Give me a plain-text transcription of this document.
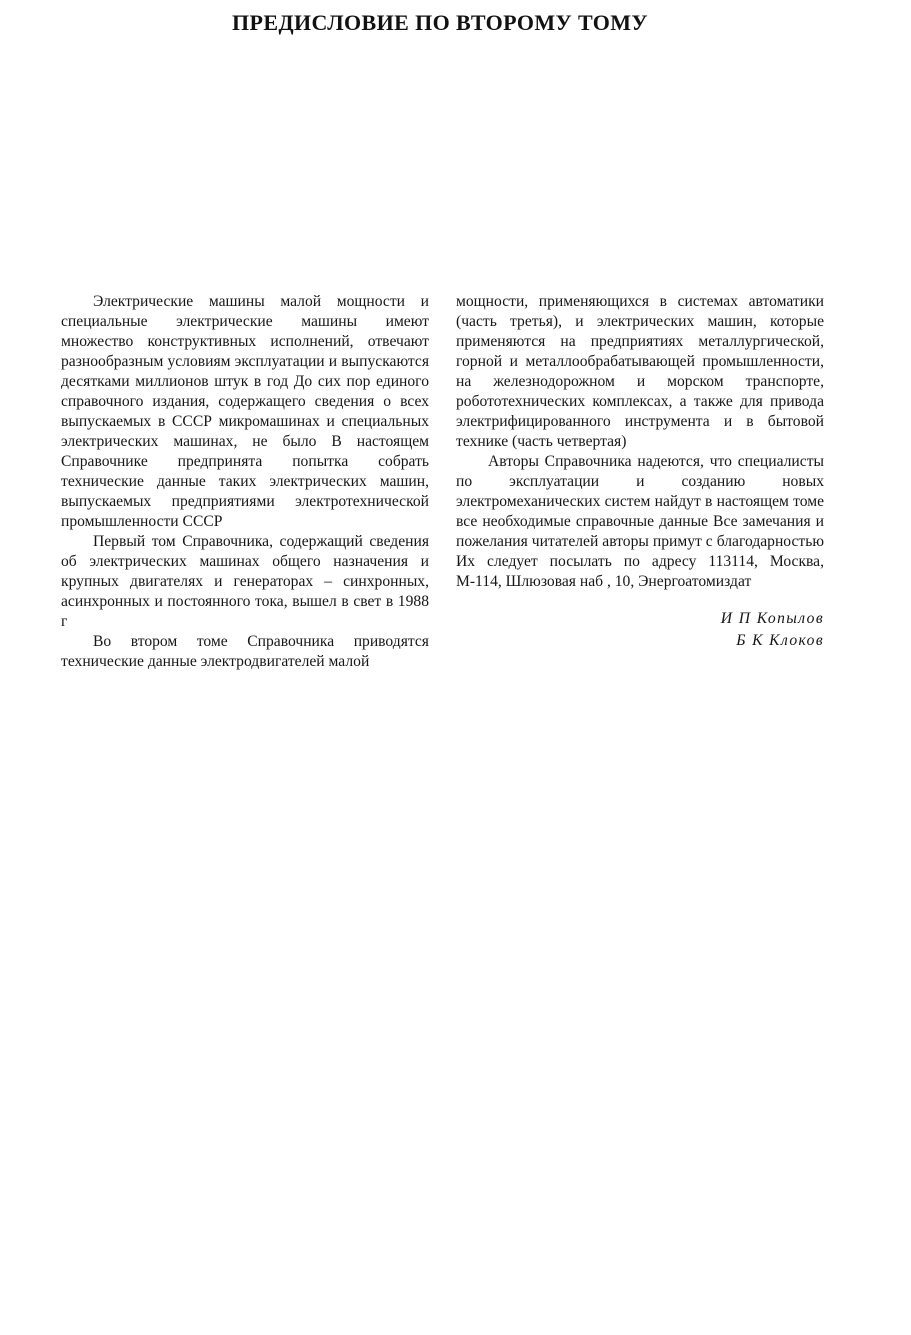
ПРЕДИСЛОВИЕ ПО ВТОРОМУ ТОМУ

Электрические машины малой мощности и специальные электрические машины имеют множество конструктивных исполнений, отвечают разнообразным условиям эксплуатации и выпускаются десятками миллионов штук в год До сих пор единого справочного издания, содержащего сведения о всех выпускаемых в СССР микромашинах и специальных электрических машинах, не было В настоящем Справочнике предпринята попытка собрать технические данные таких электрических машин, выпускаемых предприятиями электротехнической промышленности СССР

Первый том Справочника, содержащий сведения об электрических машинах общего назначения и крупных двигателях и генераторах – синхронных, асинхронных и постоянного тока, вышел в свет в 1988 г

Во втором томе Справочника приводятся технические данные электродвигателей малой

мощности, применяющихся в системах автоматики (часть третья), и электрических машин, которые применяются на предприятиях металлургической, горной и металлообрабатывающей промышленности, на железнодорожном и морском транспорте, робототехнических комплексах, а также для привода электрифицированного инструмента и в бытовой технике (часть четвертая)

Авторы Справочника надеются, что специалисты по эксплуатации и созданию новых электромеханических систем найдут в настоящем томе все необходимые справочные данные Все замечания и пожелания читателей авторы примут с благодарностью Их следует посылать по адресу 113114, Москва, М-114, Шлюзовая наб , 10, Энергоатомиздат

И П Копылов
Б К Клоков
